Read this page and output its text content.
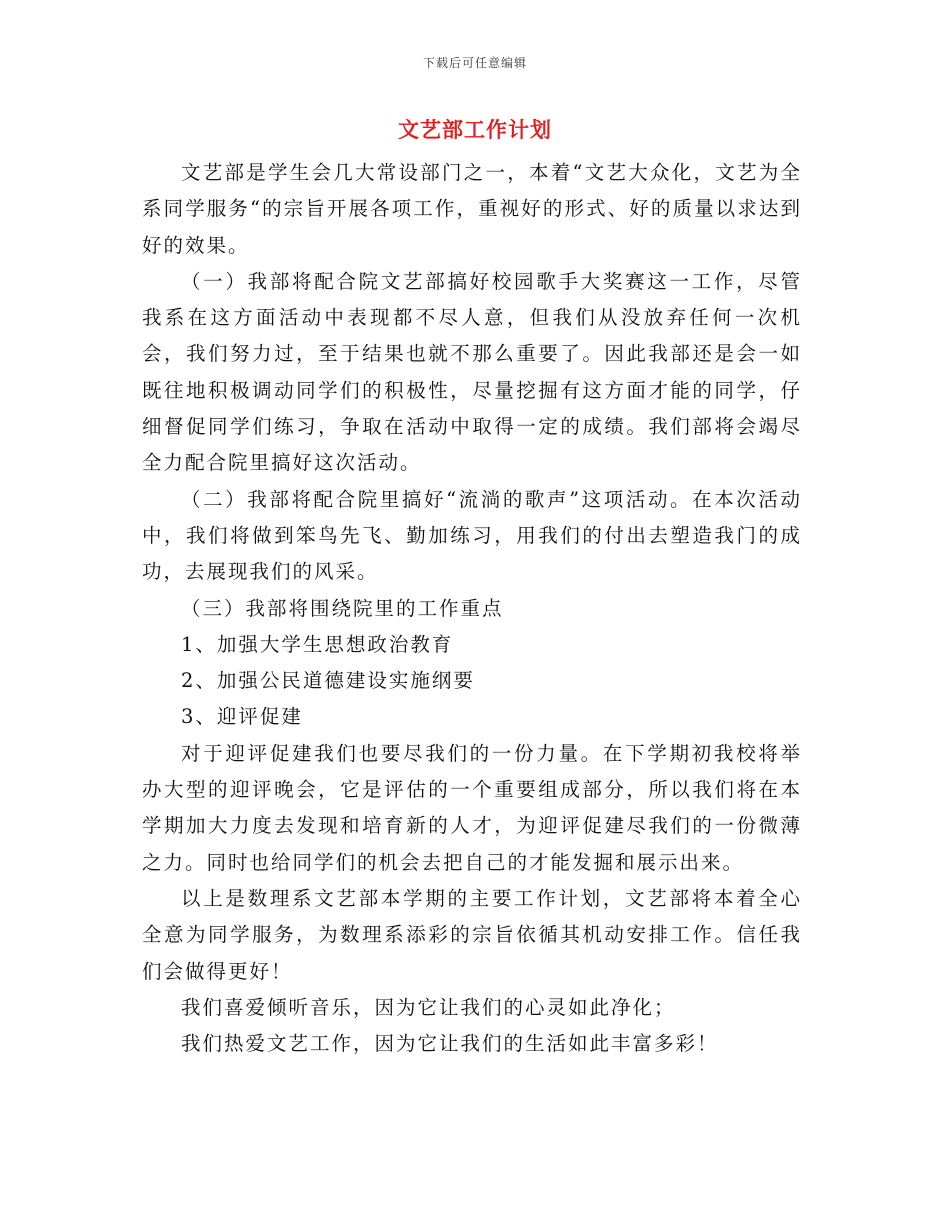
下载后可任意编辑
文艺部工作计划

文艺部是学生会几大常设部门之一，本着“文艺大众化，文艺为全系同学服务“的宗旨开展各项工作，重视好的形式、好的质量以求达到好的效果。

（一）我部将配合院文艺部搞好校园歌手大奖赛这一工作，尽管我系在这方面活动中表现都不尽人意，但我们从没放弃任何一次机会，我们努力过，至于结果也就不那么重要了。因此我部还是会一如既往地积极调动同学们的积极性，尽量挖掘有这方面才能的同学，仔细督促同学们练习，争取在活动中取得一定的成绩。我们部将会竭尽全力配合院里搞好这次活动。

（二）我部将配合院里搞好“流淌的歌声”这项活动。在本次活动中，我们将做到笨鸟先飞、勤加练习，用我们的付出去塑造我门的成功，去展现我们的风采。

（三）我部将围绕院里的工作重点

1、加强大学生思想政治教育

2、加强公民道德建设实施纲要

3、迎评促建

对于迎评促建我们也要尽我们的一份力量。在下学期初我校将举办大型的迎评晚会，它是评估的一个重要组成部分，所以我们将在本学期加大力度去发现和培育新的人才，为迎评促建尽我们的一份微薄之力。同时也给同学们的机会去把自己的才能发掘和展示出来。

以上是数理系文艺部本学期的主要工作计划，文艺部将本着全心全意为同学服务，为数理系添彩的宗旨依循其机动安排工作。信任我们会做得更好！

我们喜爱倾听音乐，因为它让我们的心灵如此净化；

我们热爱文艺工作，因为它让我们的生活如此丰富多彩！
